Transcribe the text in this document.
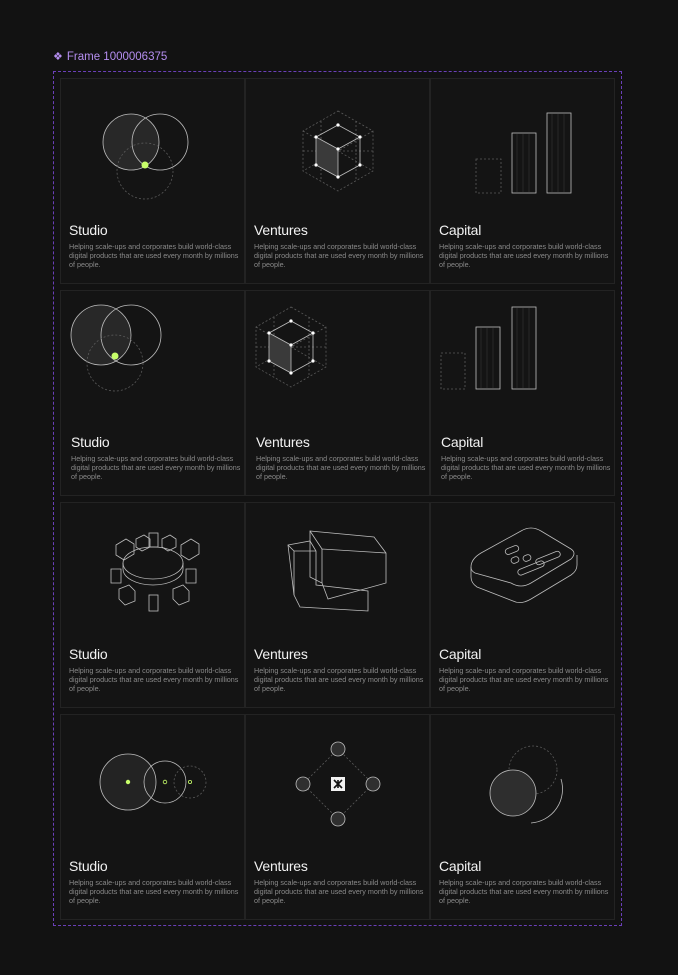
❖ Frame 1000006375
Studio
Helping scale-ups and corporates build world-class digital products that are used every month by millions of people.
Ventures
Helping scale-ups and corporates build world-class digital products that are used every month by millions of people.
Capital
Helping scale-ups and corporates build world-class digital products that are used every month by millions of people.
Studio
Helping scale-ups and corporates build world-class digital products that are used every month by millions of people.
Ventures
Helping scale-ups and corporates build world-class digital products that are used every month by millions of people.
Capital
Helping scale-ups and corporates build world-class digital products that are used every month by millions of people.
Studio
Helping scale-ups and corporates build world-class digital products that are used every month by millions of people.
Ventures
Helping scale-ups and corporates build world-class digital products that are used every month by millions of people.
Capital
Helping scale-ups and corporates build world-class digital products that are used every month by millions of people.
Studio
Helping scale-ups and corporates build world-class digital products that are used every month by millions of people.
Ventures
Helping scale-ups and corporates build world-class digital products that are used every month by millions of people.
Capital
Helping scale-ups and corporates build world-class digital products that are used every month by millions of people.
